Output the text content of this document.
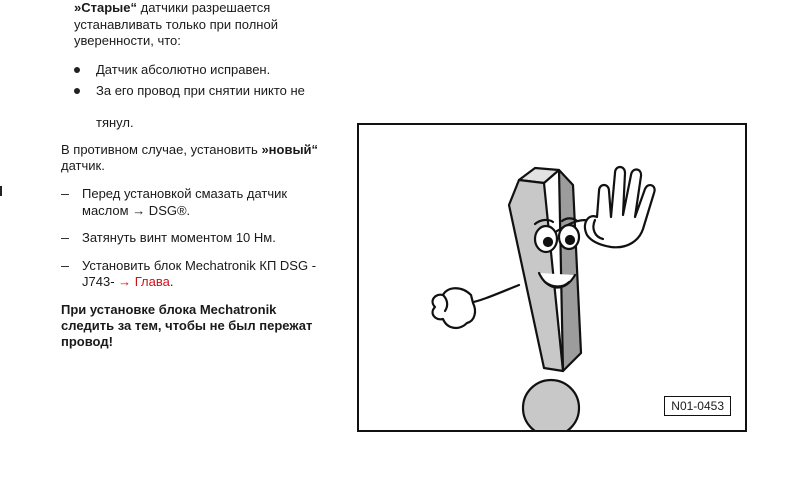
»Старые“ датчики разрешается
устанавливать только при полной
уверенности, что:
Датчик абсолютно исправен.
За его провод при снятии никто не
тянул.
В противном случае, установить »новый“
датчик.
Перед установкой смазать датчик
маслом → DSG®.
Затянуть винт моментом 10 Нм.
Установить блок Mechatronik КП DSG -
J743- → Глава.
При установке блока Mechatronik
следить за тем, чтобы не был пережат
провод!
N01-0453
